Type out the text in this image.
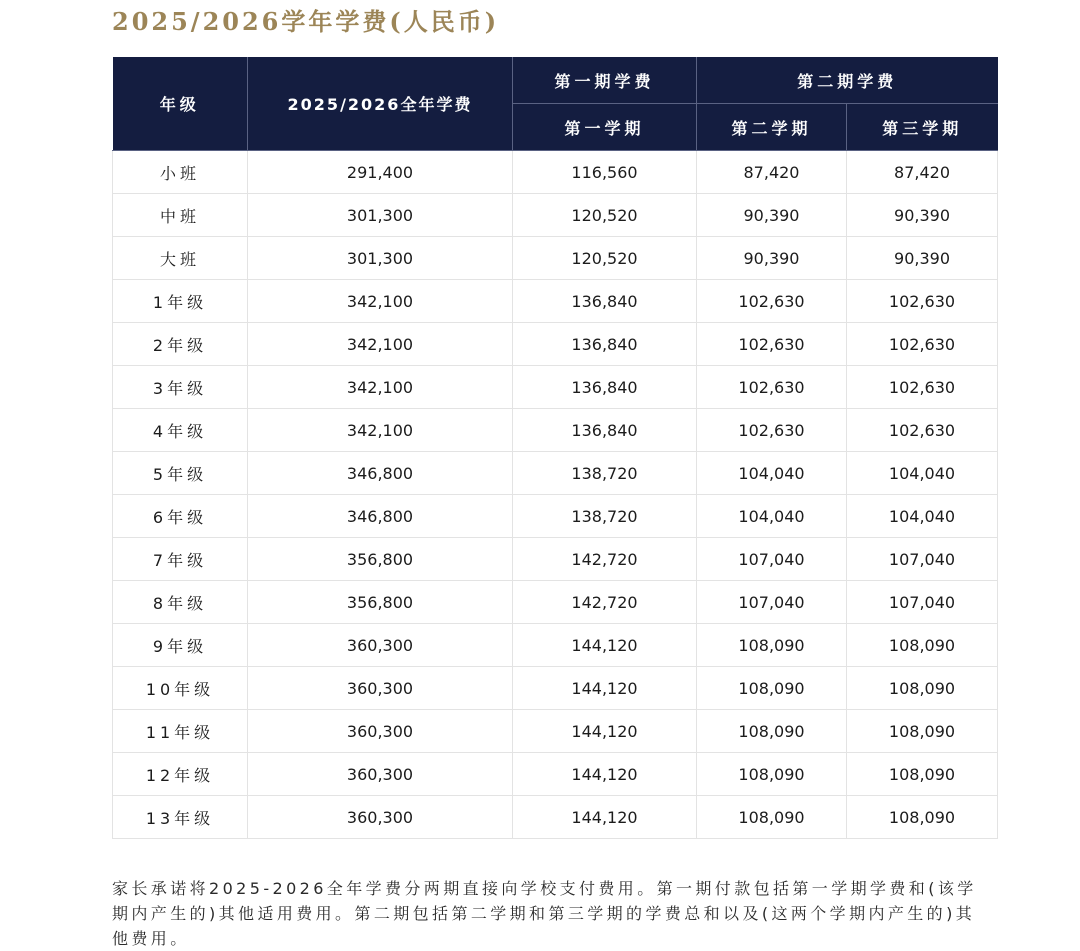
2025/2026学年学费(人民币)
年级	2025/2026全年学费	第一期学费	第二期学费	
		第一学期	第二学期	第三学期
小班	291,400	116,560	87,420	87,420
中班	301,300	120,520	90,390	90,390
大班	301,300	120,520	90,390	90,390
1年级	342,100	136,840	102,630	102,630
2年级	342,100	136,840	102,630	102,630
3年级	342,100	136,840	102,630	102,630
4年级	342,100	136,840	102,630	102,630
5年级	346,800	138,720	104,040	104,040
6年级	346,800	138,720	104,040	104,040
7年级	356,800	142,720	107,040	107,040
8年级	356,800	142,720	107,040	107,040
9年级	360,300	144,120	108,090	108,090
10年级	360,300	144,120	108,090	108,090
11年级	360,300	144,120	108,090	108,090
12年级	360,300	144,120	108,090	108,090
13年级	360,300	144,120	108,090	108,090
家长承诺将2025-2026全年学费分两期直接向学校支付费用。第一期付款包括第一学期学费和(该学期内产生的)其他适用费用。第二期包括第二学期和第三学期的学费总和以及(这两个学期内产生的)其他费用。
